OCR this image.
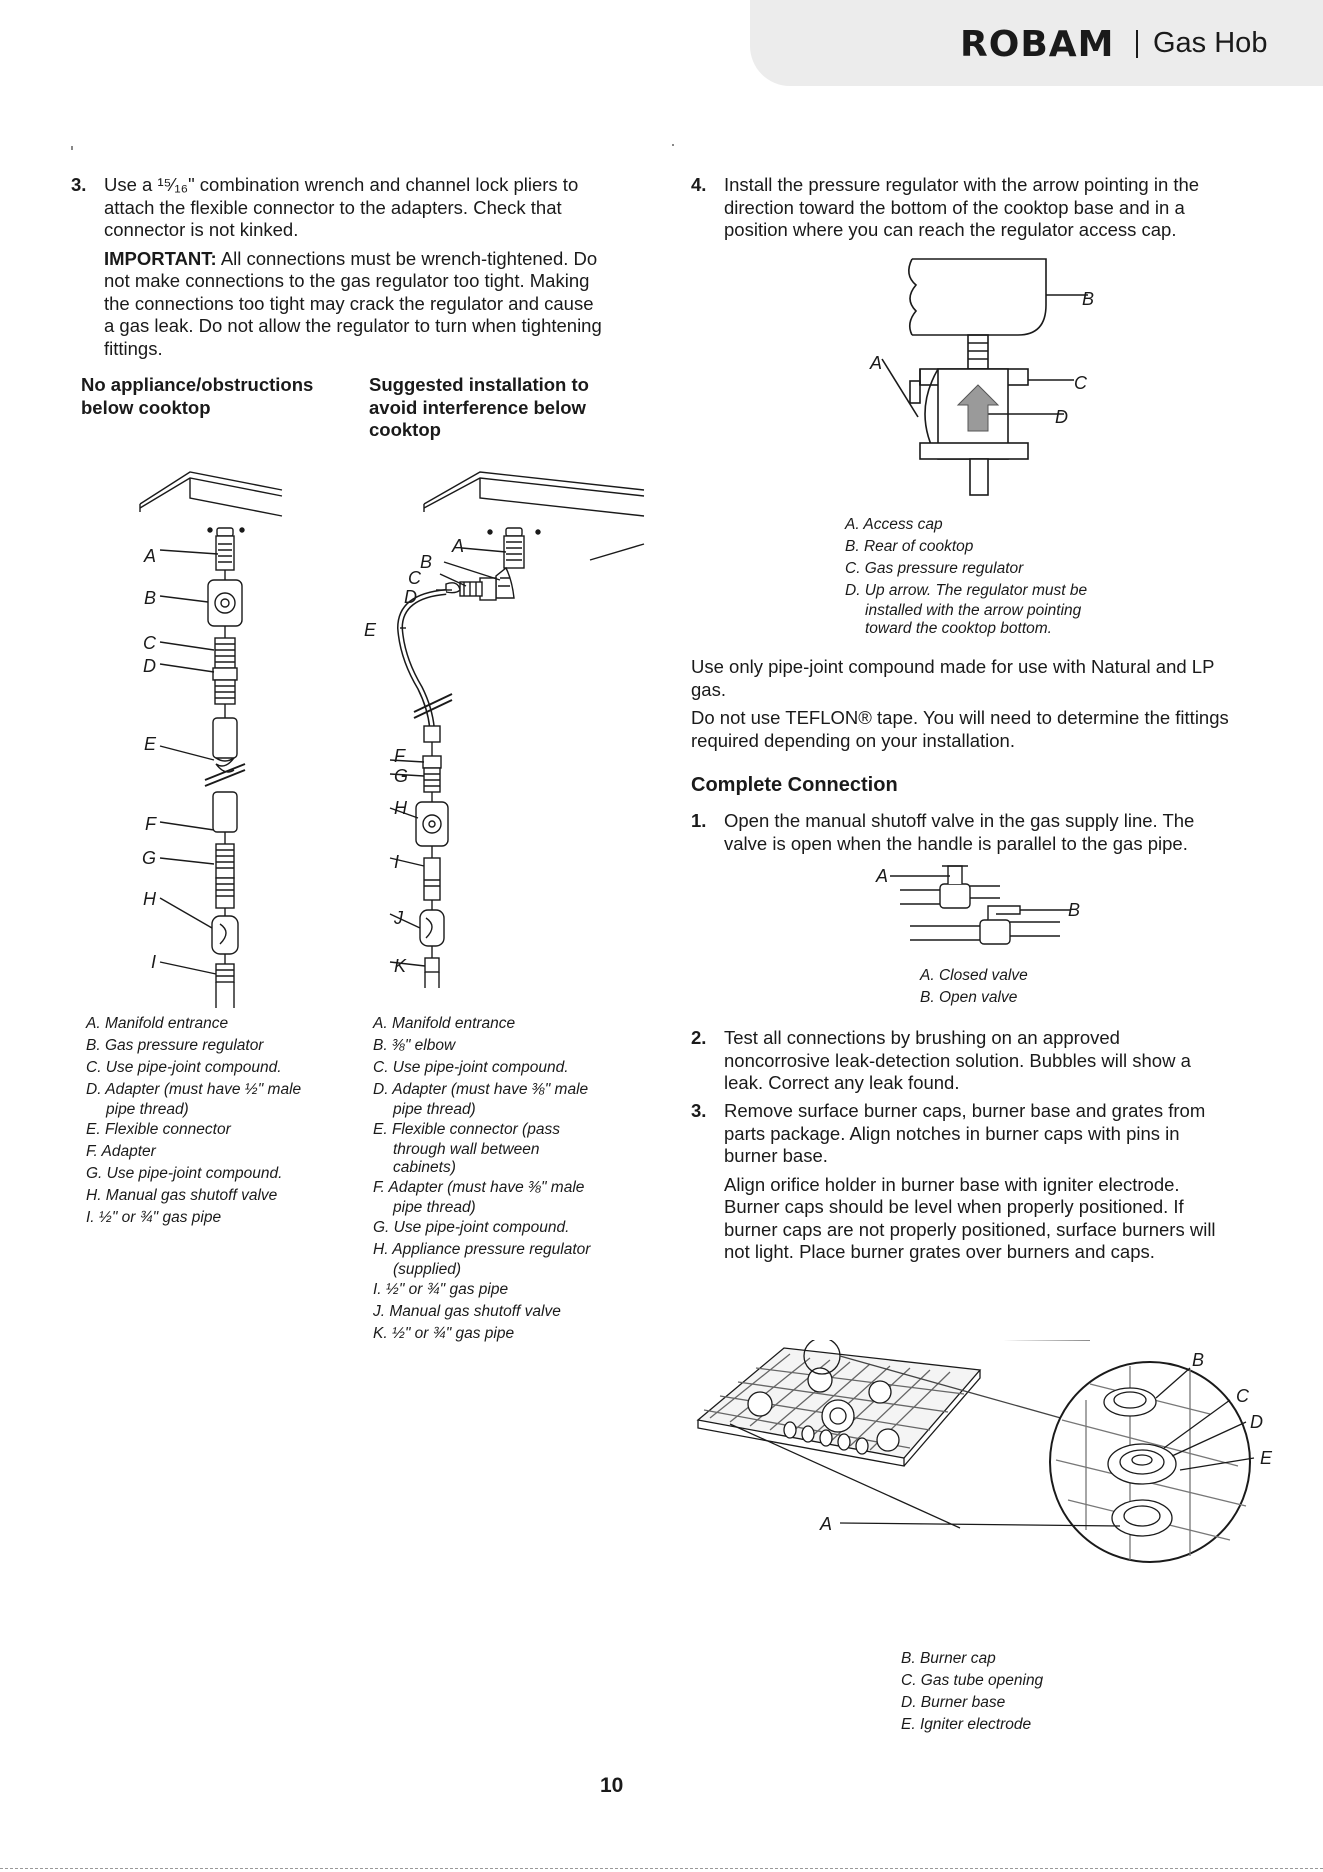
ROBAM Gas Hob
3. Use a ¹⁵⁄₁₆" combination wrench and channel lock pliers to
attach the flexible connector to the adapters. Check that
connector is not kinked.
IMPORTANT: All connections must be wrench-tightened. Do
not make connections to the gas regulator too tight. Making
the connections too tight may crack the regulator and cause
a gas leak. Do not allow the regulator to turn when tightening
fittings.
No appliance/obstructions
below cooktop
Suggested installation to
avoid interference below
cooktop
A
B
C
D
E
F
G
H
I
A
B
C
D
E
F
G
H
I
J
K
A. Manifold entrance
B. Gas pressure regulator
C. Use pipe-joint compound.
D. Adapter (must have ½" male
pipe thread)
E. Flexible connector
F. Adapter
G. Use pipe-joint compound.
H. Manual gas shutoff valve
I. ½" or ¾" gas pipe
A. Manifold entrance
B. ⅜" elbow
C. Use pipe-joint compound.
D. Adapter (must have ⅜" male
pipe thread)
E. Flexible connector (pass
through wall between
cabinets)
F. Adapter (must have ⅜" male
pipe thread)
G. Use pipe-joint compound.
H. Appliance pressure regulator
(supplied)
I. ½" or ¾" gas pipe
J. Manual gas shutoff valve
K. ½" or ¾" gas pipe
4. Install the pressure regulator with the arrow pointing in the
direction toward the bottom of the cooktop base and in a
position where you can reach the regulator access cap.
A
B
C
D
A. Access cap
B. Rear of cooktop
C. Gas pressure regulator
D. Up arrow. The regulator must be
installed with the arrow pointing
toward the cooktop bottom.
Use only pipe-joint compound made for use with Natural and LP
gas.
Do not use TEFLON® tape. You will need to determine the fittings
required depending on your installation.
Complete Connection
1. Open the manual shutoff valve in the gas supply line. The
valve is open when the handle is parallel to the gas pipe.
A
B
A. Closed valve
B. Open valve
2. Test all connections by brushing on an approved
noncorrosive leak-detection solution. Bubbles will show a
leak. Correct any leak found.
3. Remove surface burner caps, burner base and grates from
parts package. Align notches in burner caps with pins in
burner base.
Align orifice holder in burner base with igniter electrode.
Burner caps should be level when properly positioned. If
burner caps are not properly positioned, surface burners will
not light. Place burner grates over burners and caps.
A
B
C
D
E
B. Burner cap
C. Gas tube opening
D. Burner base
E. Igniter electrode
10
